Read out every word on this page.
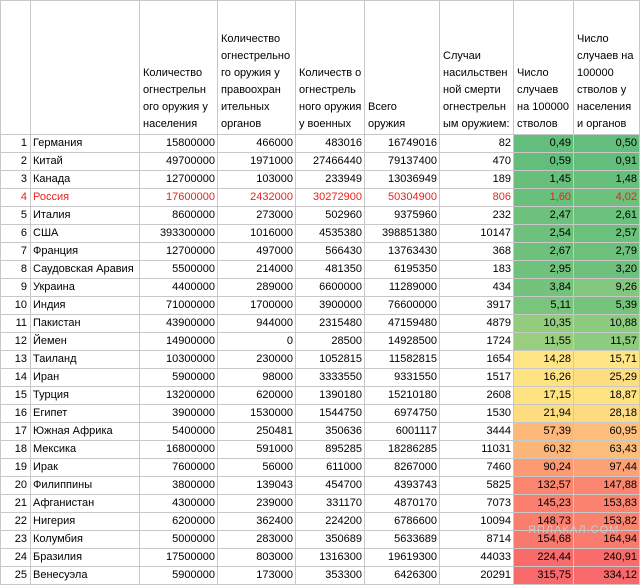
		Количество огнестрельн ого оружия у населения	Количество огнестрельно го оружия у правоохран ительных органов	Количеств о огнестрель ного оружия у военных	Всего оружия	Случаи насильствен ной смерти огнестрельн ым оружием:	Число случаев на 100000 стволов	Число случаев на 100000 стволов у населения и органов
1	Германия	15800000	466000	483016	16749016	82	0,49	0,50
2	Китай	49700000	1971000	27466440	79137400	470	0,59	0,91
3	Канада	12700000	103000	233949	13036949	189	1,45	1,48
4	Россия	17600000	2432000	30272900	50304900	806	1,60	4,02
5	Италия	8600000	273000	502960	9375960	232	2,47	2,61
6	США	393300000	1016000	4535380	398851380	10147	2,54	2,57
7	Франция	12700000	497000	566430	13763430	368	2,67	2,79
8	Саудовская Аравия	5500000	214000	481350	6195350	183	2,95	3,20
9	Украина	4400000	289000	6600000	11289000	434	3,84	9,26
10	Индия	71000000	1700000	3900000	76600000	3917	5,11	5,39
11	Пакистан	43900000	944000	2315480	47159480	4879	10,35	10,88
12	Йемен	14900000	0	28500	14928500	1724	11,55	11,57
13	Таиланд	10300000	230000	1052815	11582815	1654	14,28	15,71
14	Иран	5900000	98000	3333550	9331550	1517	16,26	25,29
15	Турция	13200000	620000	1390180	15210180	2608	17,15	18,87
16	Египет	3900000	1530000	1544750	6974750	1530	21,94	28,18
17	Южная Африка	5400000	250481	350636	6001117	3444	57,39	60,95
18	Мексика	16800000	591000	895285	18286285	11031	60,32	63,43
19	Ирак	7600000	56000	611000	8267000	7460	90,24	97,44
20	Филиппины	3800000	139043	454700	4393743	5825	132,57	147,88
21	Афганистан	4300000	239000	331170	4870170	7073	145,23	153,83
22	Нигерия	6200000	362400	224200	6786600	10094	148,73	153,82
23	Колумбия	5000000	283000	350689	5633689	8714	154,68	164,94
24	Бразилия	17500000	803000	1316300	19619300	44033	224,44	240,91
25	Венесуэла	5900000	173000	353300	6426300	20291	315,75	334,12
ЯПЛАКАЛ.COM
